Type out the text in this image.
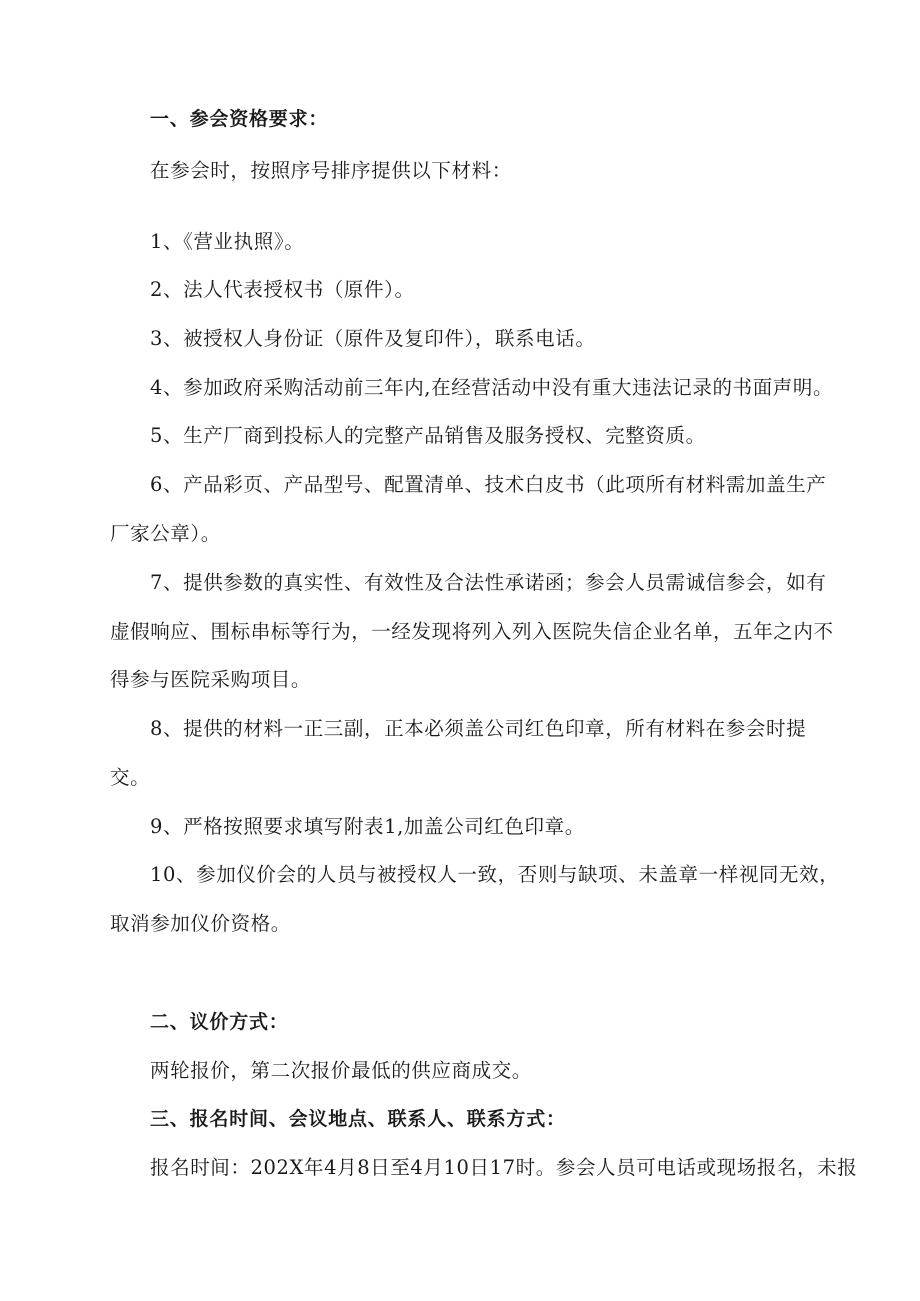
一、参会资格要求：
在参会时，按照序号排序提供以下材料：
1、《营业执照》。
2、法人代表授权书（原件）。
3、被授权人身份证（原件及复印件），联系电话。
4、参加政府采购活动前三年内,在经营活动中没有重大违法记录的书面声明。
5、生产厂商到投标人的完整产品销售及服务授权、完整资质。
6、产品彩页、产品型号、配置清单、技术白皮书（此项所有材料需加盖生产
厂家公章）。
7、提供参数的真实性、有效性及合法性承诺函；参会人员需诚信参会，如有
虚假响应、围标串标等行为，一经发现将列入列入医院失信企业名单，五年之内不
得参与医院采购项目。
8、提供的材料一正三副，正本必须盖公司红色印章，所有材料在参会时提
交。
9、严格按照要求填写附表1,加盖公司红色印章。
10、参加仪价会的人员与被授权人一致，否则与缺项、未盖章一样视同无效，
取消参加仪价资格。
二、议价方式：
两轮报价，第二次报价最低的供应商成交。
三、报名时间、会议地点、联系人、联系方式：
报名时间：202X年4月8日至4月10日17时。参会人员可电话或现场报名，未报
